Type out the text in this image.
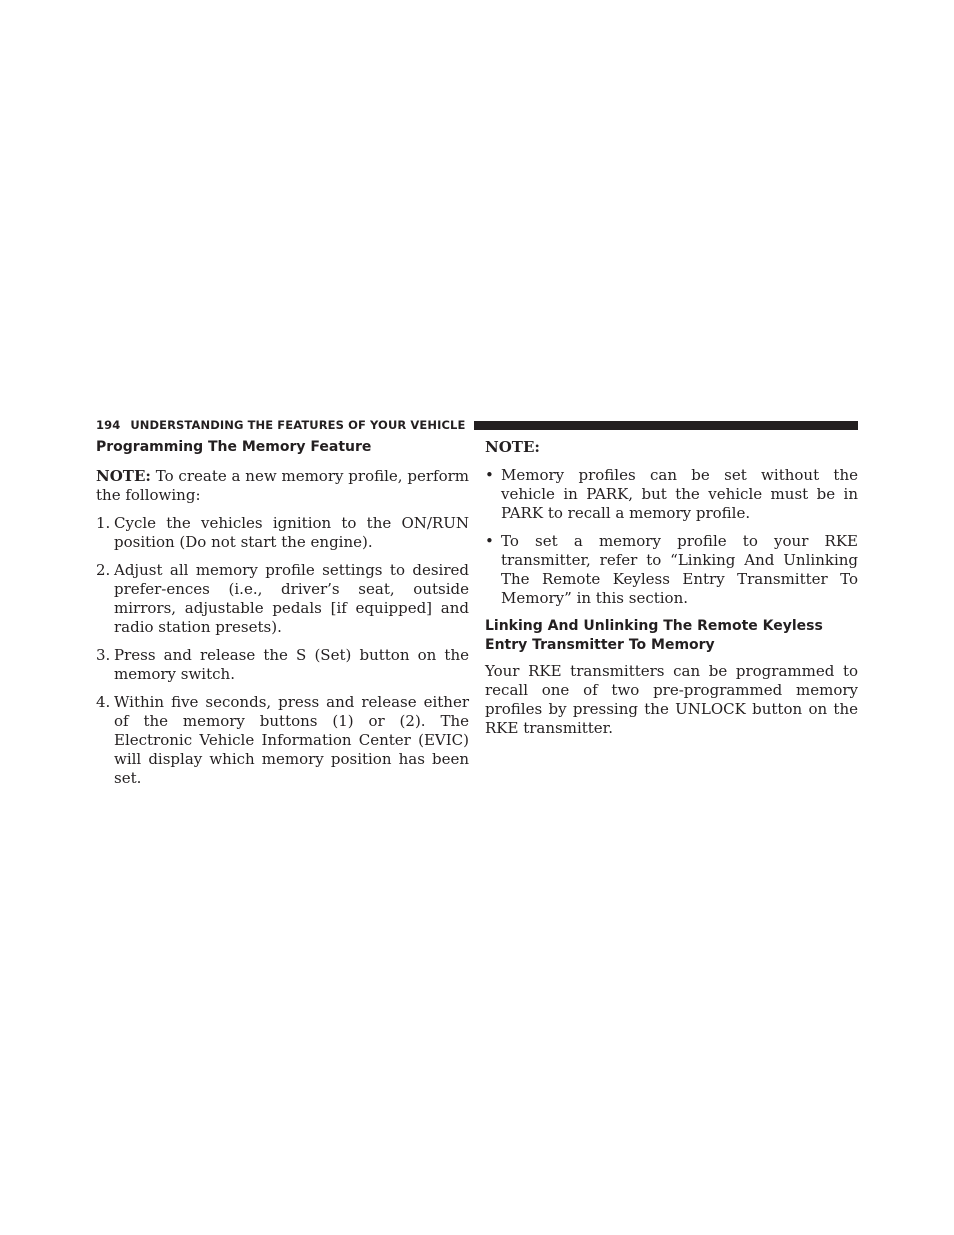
194 UNDERSTANDING THE FEATURES OF YOUR VEHICLE
Programming The Memory Feature

NOTE: To create a new memory profile, perform the following:

1. Cycle the vehicles ignition to the ON/RUN position (Do not start the engine).
2. Adjust all memory profile settings to desired prefer-ences (i.e., driver’s seat, outside mirrors, adjustable pedals [if equipped] and radio station presets).
3. Press and release the S (Set) button on the memory switch.
4. Within five seconds, press and release either of the memory buttons (1) or (2). The Electronic Vehicle Information Center (EVIC) will display which memory position has been set.

NOTE:

• Memory profiles can be set without the vehicle in PARK, but the vehicle must be in PARK to recall a memory profile.
• To set a memory profile to your RKE transmitter, refer to “Linking And Unlinking The Remote Keyless Entry Transmitter To Memory” in this section.
Linking And Unlinking The Remote Keyless Entry Transmitter To Memory

Your RKE transmitters can be programmed to recall one of two pre-programmed memory profiles by pressing the UNLOCK button on the RKE transmitter.
